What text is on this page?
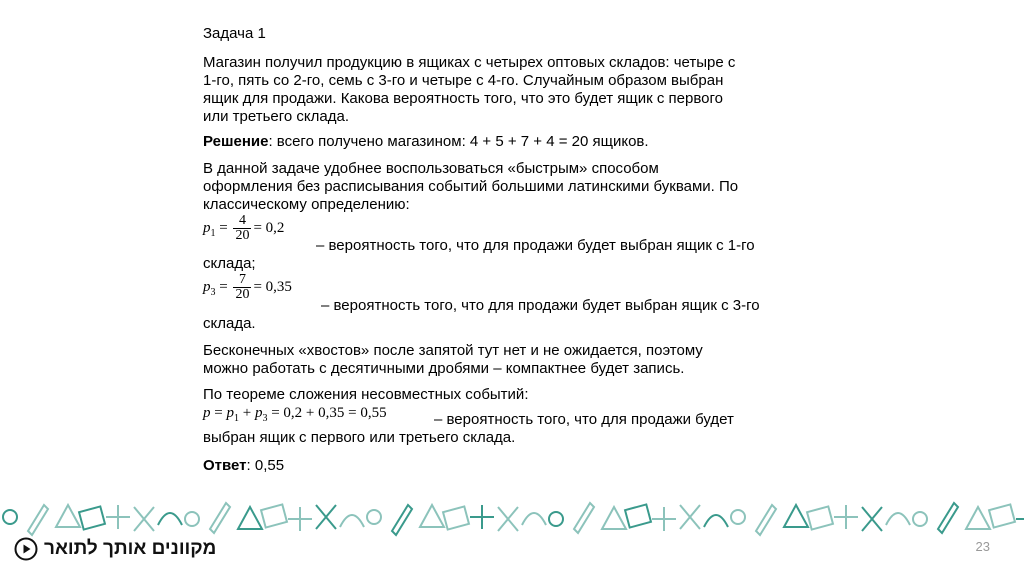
Задача 1
Магазин получил продукцию в ящиках с четырех оптовых складов: четыре с
1-го, пять со 2-го, семь с 3-го и четыре с 4-го. Случайным образом выбран
ящик для продажи. Какова вероятность того, что это будет ящик с первого
или третьего склада.
Решение: всего получено магазином: 4 + 5 + 7 + 4 = 20 ящиков.
В данной задаче удобнее воспользоваться «быстрым» способом
оформления без расписывания событий большими латинскими буквами. По
классическому определению:
$p_1 = \frac{4}{20} = 0,2$
– вероятность того, что для продажи будет выбран ящик с 1-го
склада;
$p_3 = \frac{7}{20} = 0,35$
– вероятность того, что для продажи будет выбран ящик с 3-го
склада.
Бесконечных «хвостов» после запятой тут нет и не ожидается, поэтому
можно работать с десятичными дробями – компактнее будет запись.
По теореме сложения несовместных событий:
$p = p_1 + p_3 = 0,2 + 0,35 = 0,55$	– вероятность того, что для продажи будет
выбран ящик с первого или третьего склада.
Ответ: 0,55
מקוונים אותך לתואר	23
